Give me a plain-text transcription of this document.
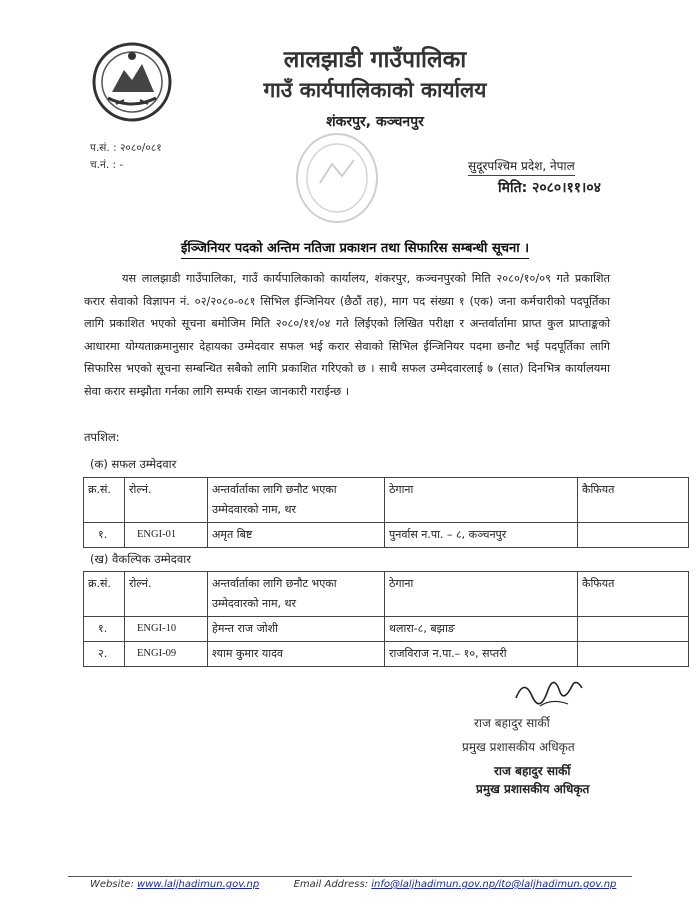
लालझाडी गाउँपालिका
गाउँ कार्यपालिकाको कार्यालय
शंकरपुर, कञ्चनपुर
प.सं. : २०८०/०८१
च.नं. : -	सुदूरपश्चिम प्रदेश, नेपाल
मिति: २०८०।११।०४
ईञ्जिनियर पदको अन्तिम नतिजा प्रकाशन तथा सिफारिस सम्बन्धी सूचना ।
यस लालझाडी गाउँपालिका, गाउँ कार्यपालिकाको कार्यालय, शंकरपुर, कञ्चनपुरको मिति २०८०/१०/०९ गते प्रकाशित करार सेवाको विज्ञापन नं. ०२/२०८०-०८१ सिभिल ईन्जिनियर (छैठौं तह), माग पद संख्या १ (एक) जना कर्मचारीको पदपूर्तिका लागि प्रकाशित भएको सूचना बमोजिम मिति २०८०/११/०४ गते लिईएको लिखित परीक्षा र अन्तर्वार्तामा प्राप्त कुल प्राप्ताङ्कको आधारमा योग्यताक्रमानुसार देहायका उम्मेदवार सफल भई करार सेवाको सिभिल ईन्जिनियर पदमा छनौट भई पदपूर्तिका लागि सिफारिस भएको सूचना सम्बन्धित सबैको लागि प्रकाशित गरिएको छ । साथै सफल उम्मेदवारलाई ७ (सात) दिनभित्र कार्यालयमा सेवा करार सम्झौता गर्नका लागि सम्पर्क राख्न जानकारी गराईन्छ ।
तपशिल:
(क) सफल उम्मेदवार
क्र.सं.	रोल्नं.	अन्तर्वार्ताका लागि छनौट भएका उम्मेदवारको नाम, थर	ठेगाना	कैफियत
१.	ENGI-01	अमृत बिष्ट	पुनर्वास न.पा. – ८, कञ्चनपुर	
(ख) वैकल्पिक उम्मेदवार
क्र.सं.	रोल्नं.	अन्तर्वार्ताका लागि छनौट भएका उम्मेदवारको नाम, थर	ठेगाना	कैफियत
१.	ENGI-10	हेमन्त राज जोशी	थलारा-८, बझाङ	
२.	ENGI-09	श्याम कुमार यादव	राजविराज न.पा.– १०, सप्तरी	
राज बहादुर सार्की
प्रमुख प्रशासकीय अधिकृत
राज बहादुर सार्की
प्रमुख प्रशासकीय अधिकृत
Website: www.laljhadimun.gov.np	Email Address: info@laljhadimun.gov.np/ito@laljhadimun.gov.np
